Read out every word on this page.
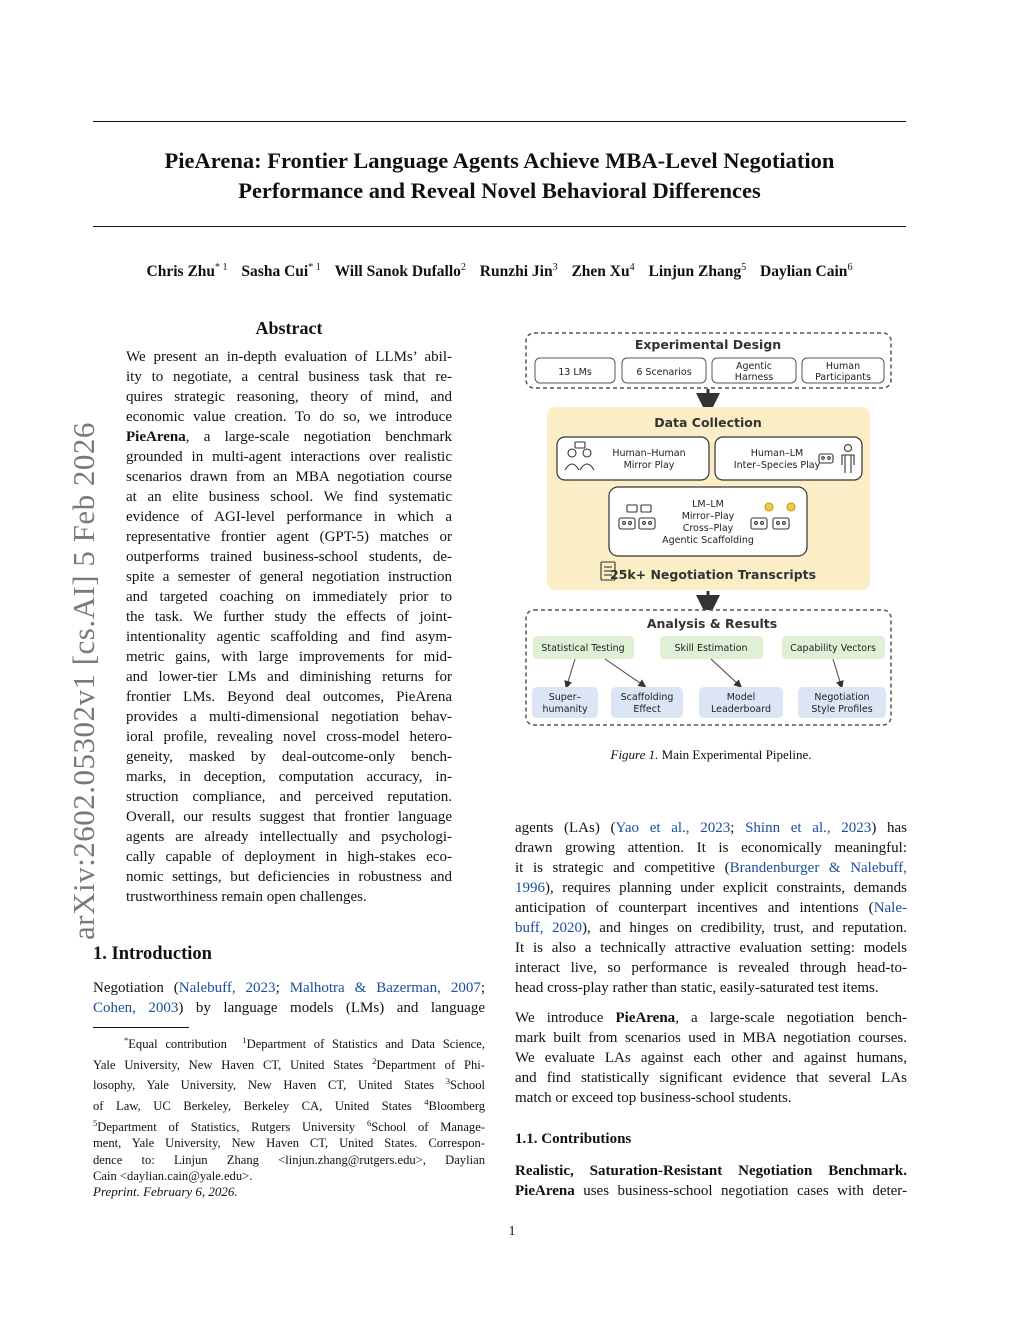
PieArena: Frontier Language Agents Achieve MBA-Level Negotiation
Performance and Reveal Novel Behavioral Differences
Chris Zhu$^{* 1}$ Sasha Cui$^{* 1}$ Will Sanok Dufallo$^2$ Runzhi Jin$^3$ Zhen Xu$^4$ Linjun Zhang$^5$ Daylian Cain$^6$
arXiv:2602.05302v1 [cs.AI] 5 Feb 2026
Abstract
We present an in-depth evaluation of LLMs’ abil-
ity to negotiate, a central business task that re-
quires strategic reasoning, theory of mind, and
economic value creation. To do so, we introduce
PieArena, a large-scale negotiation benchmark
grounded in multi-agent interactions over realistic
scenarios drawn from an MBA negotiation course
at an elite business school. We find systematic
evidence of AGI-level performance in which a
representative frontier agent (GPT-5) matches or
outperforms trained business-school students, de-
spite a semester of general negotiation instruction
and targeted coaching on immediately prior to
the task. We further study the effects of joint-
intentionality agentic scaffolding and find asym-
metric gains, with large improvements for mid-
and lower-tier LMs and diminishing returns for
frontier LMs. Beyond deal outcomes, PieArena
provides a multi-dimensional negotiation behav-
ioral profile, revealing novel cross-model hetero-
geneity, masked by deal-outcome-only bench-
marks, in deception, computation accuracy, in-
struction compliance, and perceived reputation.
Overall, our results suggest that frontier language
agents are already intellectually and psychologi-
cally capable of deployment in high-stakes eco-
nomic settings, but deficiencies in robustness and
trustworthiness remain open challenges.
1. Introduction
Negotiation (Nalebuff, 2023; Malhotra & Bazerman, 2007;
Cohen, 2003) by language models (LMs) and language
*Equal contribution $^1$Department of Statistics and Data Science,
Yale University, New Haven CT, United States $^2$Department of Phi-
losophy, Yale University, New Haven CT, United States $^3$School
of Law, UC Berkeley, Berkeley CA, United States $^4$Bloomberg
$^5$Department of Statistics, Rutgers University $^6$School of Manage-
ment, Yale University, New Haven CT, United States. Correspon-
dence to: Linjun Zhang <linjun.zhang@rutgers.edu>, Daylian
Cain <daylian.cain@yale.edu>.
Preprint. February 6, 2026.
1
Experimental Design
13 LMs	6 Scenarios
Agentic
Harness
Human
Participants
Data Collection
Human–Human
Mirror Play
Human–LM
Inter–Species Play
LM–LM
Mirror–Play
Cross–Play
Agentic Scaffolding
25k+ Negotiation Transcripts
Analysis & Results
Statistical Testing	Skill Estimation	Capability Vectors
Super–
humanity
Scaffolding
Effect
Model
Leaderboard
Negotiation
Style Profiles
Figure 1. Main Experimental Pipeline.
agents (LAs) (Yao et al., 2023; Shinn et al., 2023) has
drawn growing attention. It is economically meaningful:
it is strategic and competitive (Brandenburger & Nalebuff,
1996), requires planning under explicit constraints, demands
anticipation of counterpart incentives and intentions (Nale-
buff, 2020), and hinges on credibility, trust, and reputation.
It is also a technically attractive evaluation setting: models
interact live, so performance is revealed through head-to-
head cross-play rather than static, easily-saturated test items.
We introduce PieArena, a large-scale negotiation bench-
mark built from scenarios used in MBA negotiation courses.
We evaluate LAs against each other and against humans,
and find statistically significant evidence that several LAs
match or exceed top business-school students.
1.1. Contributions
Realistic, Saturation-Resistant Negotiation Benchmark.
PieArena uses business-school negotiation cases with deter-
